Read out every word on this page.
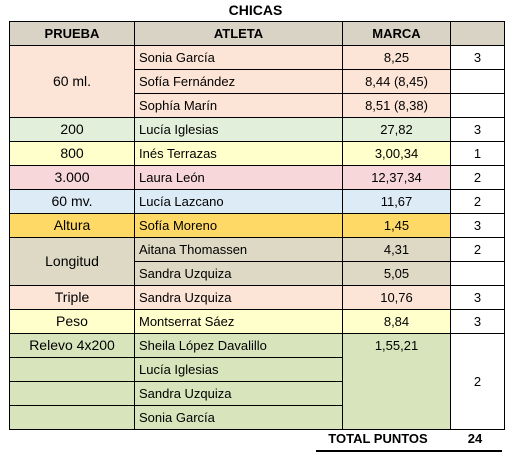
CHICAS
PRUEBA	ATLETA	MARCA	
60 ml.	Sonia García	8,25	3
	Sofía Fernández	8,44 (8,45)	
	Sophía Marín	8,51 (8,38)	
200	Lucía Iglesias	27,82	3
800	Inés Terrazas	3,00,34	1
3.000	Laura León	12,37,34	2
60 mv.	Lucía Lazcano	11,67	2
Altura	Sofía Moreno	1,45	3
Longitud	Aitana Thomassen	4,31	2
	Sandra Uzquiza	5,05	
Triple	Sandra Uzquiza	10,76	3
Peso	Montserrat Sáez	8,84	3
Relevo 4x200	Sheila López Davalillo	1,55,21	2
	Lucía Iglesias		
	Sandra Uzquiza		
	Sonia García		
TOTAL PUNTOS	24
